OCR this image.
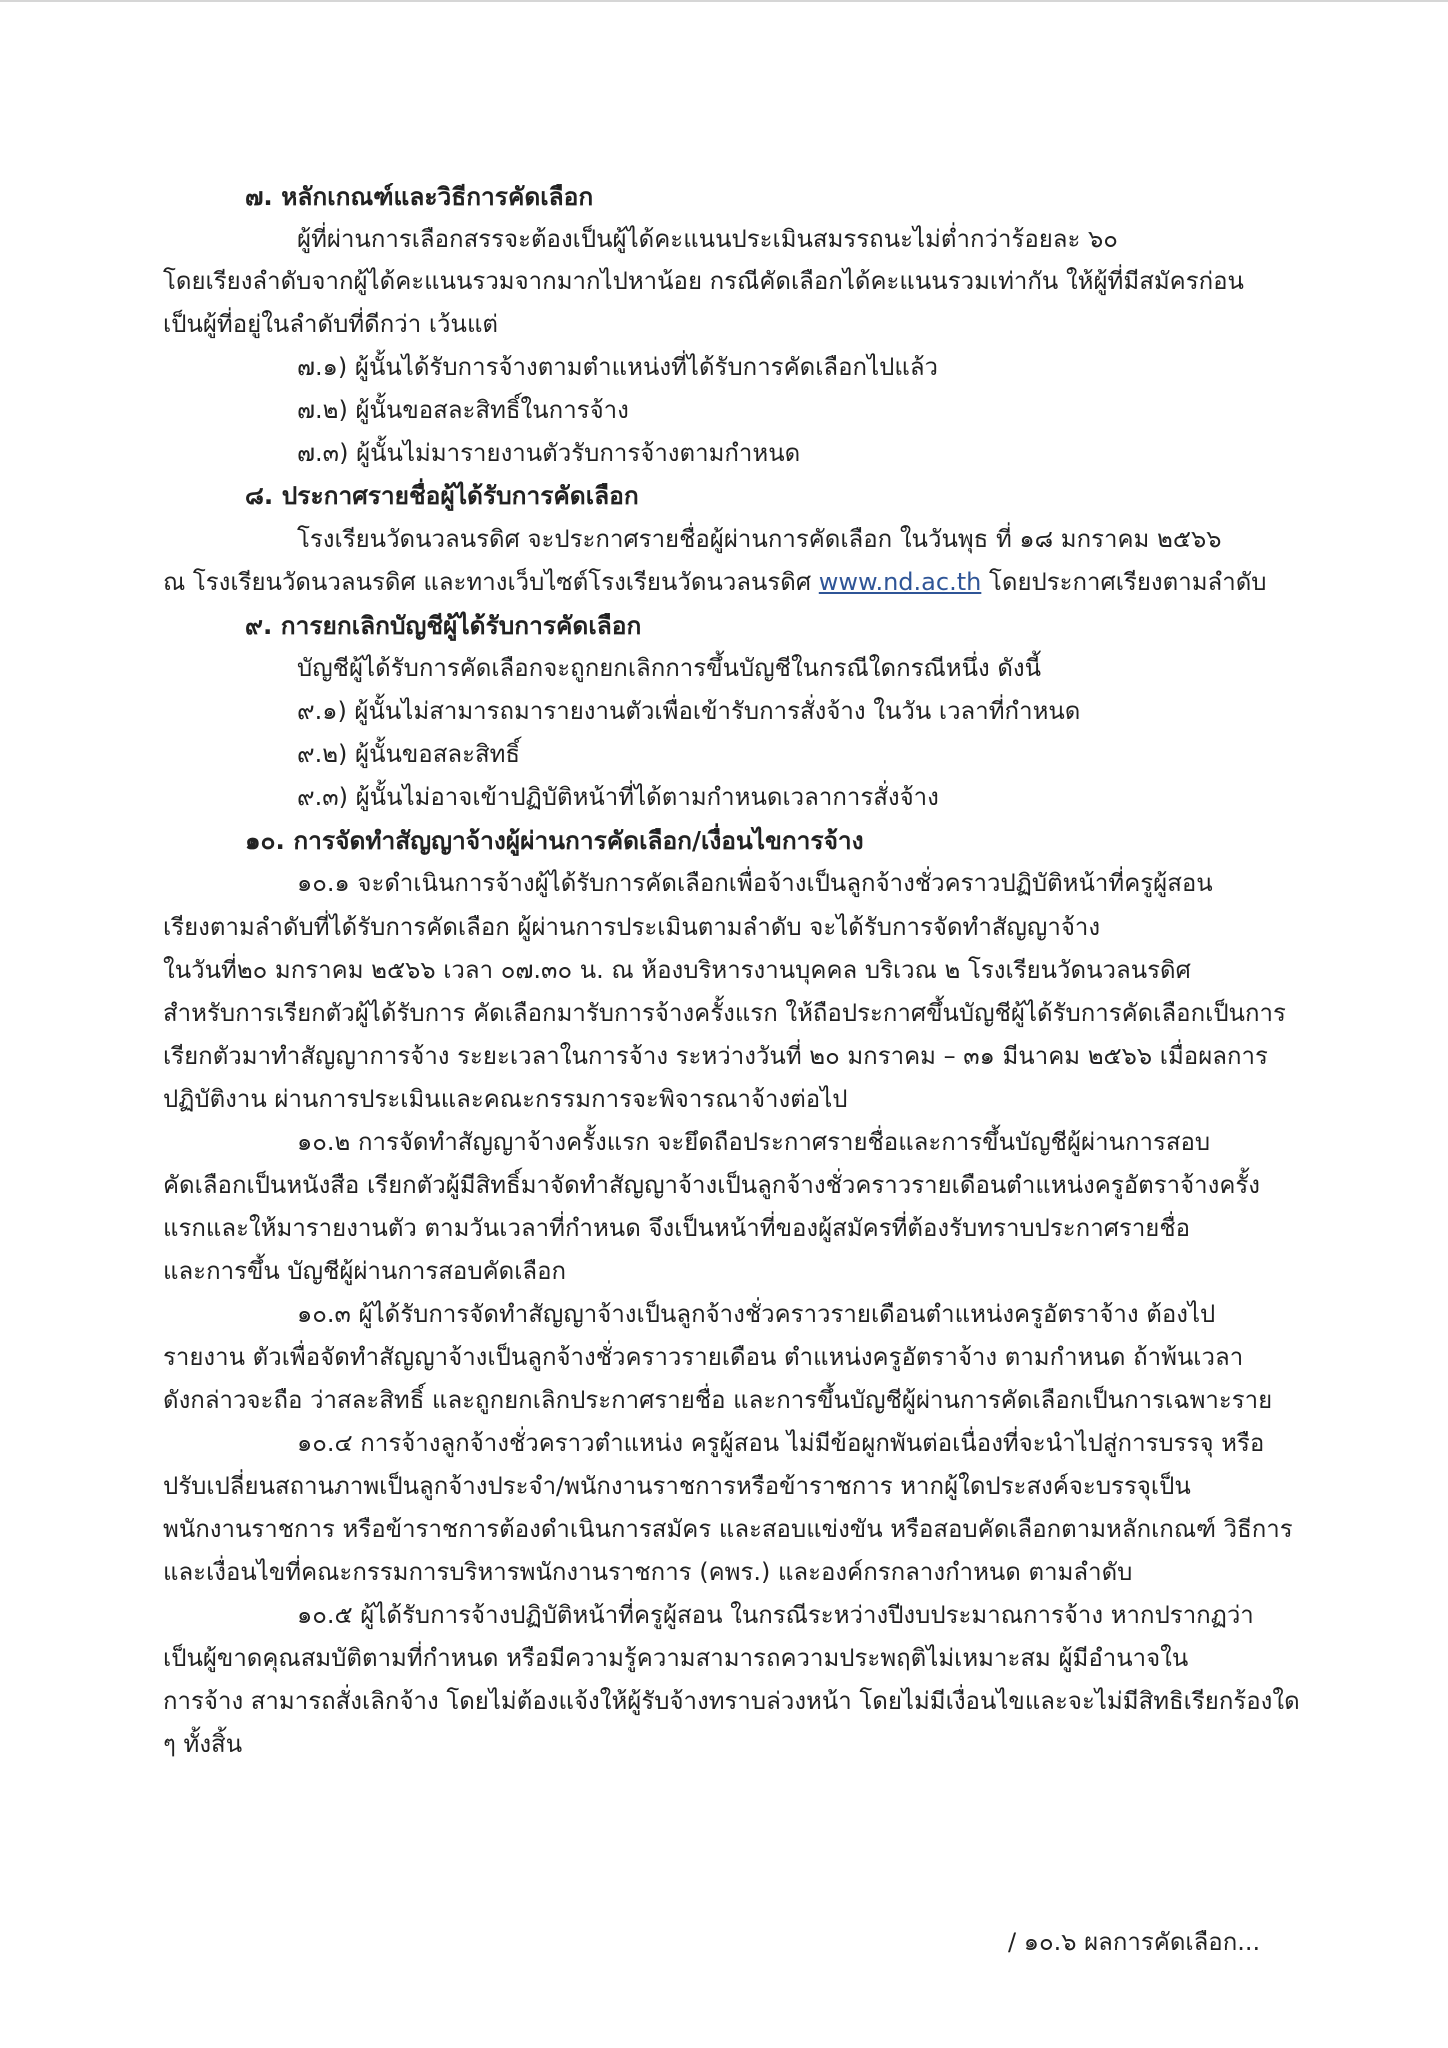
๗. หลักเกณฑ์และวิธีการคัดเลือก
ผู้ที่ผ่านการเลือกสรรจะต้องเป็นผู้ได้คะแนนประเมินสมรรถนะไม่ต่ำกว่าร้อยละ ๖๐
โดยเรียงลำดับจากผู้ได้คะแนนรวมจากมากไปหาน้อย กรณีคัดเลือกได้คะแนนรวมเท่ากัน ให้ผู้ที่มีสมัครก่อน
เป็นผู้ที่อยู่ในลำดับที่ดีกว่า เว้นแต่
๗.๑) ผู้นั้นได้รับการจ้างตามตำแหน่งที่ได้รับการคัดเลือกไปแล้ว
๗.๒) ผู้นั้นขอสละสิทธิ์ในการจ้าง
๗.๓) ผู้นั้นไม่มารายงานตัวรับการจ้างตามกำหนด
๘. ประกาศรายชื่อผู้ได้รับการคัดเลือก
โรงเรียนวัดนวลนรดิศ จะประกาศรายชื่อผู้ผ่านการคัดเลือก ในวันพุธ ที่ ๑๘ มกราคม ๒๕๖๖
ณ โรงเรียนวัดนวลนรดิศ และทางเว็บไซต์โรงเรียนวัดนวลนรดิศ www.nd.ac.th โดยประกาศเรียงตามลำดับ
๙. การยกเลิกบัญชีผู้ได้รับการคัดเลือก
บัญชีผู้ได้รับการคัดเลือกจะถูกยกเลิกการขึ้นบัญชีในกรณีใดกรณีหนึ่ง ดังนี้
๙.๑) ผู้นั้นไม่สามารถมารายงานตัวเพื่อเข้ารับการสั่งจ้าง ในวัน เวลาที่กำหนด
๙.๒) ผู้นั้นขอสละสิทธิ์
๙.๓) ผู้นั้นไม่อาจเข้าปฏิบัติหน้าที่ได้ตามกำหนดเวลาการสั่งจ้าง
๑๐. การจัดทำสัญญาจ้างผู้ผ่านการคัดเลือก/เงื่อนไขการจ้าง
๑๐.๑ จะดำเนินการจ้างผู้ได้รับการคัดเลือกเพื่อจ้างเป็นลูกจ้างชั่วคราวปฏิบัติหน้าที่ครูผู้สอน
เรียงตามลำดับที่ได้รับการคัดเลือก ผู้ผ่านการประเมินตามลำดับ จะได้รับการจัดทำสัญญาจ้าง
ในวันที่๒๐ มกราคม ๒๕๖๖ เวลา ๐๗.๓๐ น. ณ ห้องบริหารงานบุคคล บริเวณ ๒ โรงเรียนวัดนวลนรดิศ
สำหรับการเรียกตัวผู้ได้รับการ คัดเลือกมารับการจ้างครั้งแรก ให้ถือประกาศขึ้นบัญชีผู้ได้รับการคัดเลือกเป็นการ
เรียกตัวมาทำสัญญาการจ้าง ระยะเวลาในการจ้าง ระหว่างวันที่ ๒๐ มกราคม – ๓๑ มีนาคม ๒๕๖๖ เมื่อผลการ
ปฏิบัติงาน ผ่านการประเมินและคณะกรรมการจะพิจารณาจ้างต่อไป
๑๐.๒ การจัดทำสัญญาจ้างครั้งแรก จะยึดถือประกาศรายชื่อและการขึ้นบัญชีผู้ผ่านการสอบ
คัดเลือกเป็นหนังสือ เรียกตัวผู้มีสิทธิ์มาจัดทำสัญญาจ้างเป็นลูกจ้างชั่วคราวรายเดือนตำแหน่งครูอัตราจ้างครั้ง
แรกและให้มารายงานตัว ตามวันเวลาที่กำหนด จึงเป็นหน้าที่ของผู้สมัครที่ต้องรับทราบประกาศรายชื่อ
และการขึ้น บัญชีผู้ผ่านการสอบคัดเลือก
๑๐.๓ ผู้ได้รับการจัดทำสัญญาจ้างเป็นลูกจ้างชั่วคราวรายเดือนตำแหน่งครูอัตราจ้าง ต้องไป
รายงาน ตัวเพื่อจัดทำสัญญาจ้างเป็นลูกจ้างชั่วคราวรายเดือน ตำแหน่งครูอัตราจ้าง ตามกำหนด ถ้าพ้นเวลา
ดังกล่าวจะถือ ว่าสละสิทธิ์ และถูกยกเลิกประกาศรายชื่อ และการขึ้นบัญชีผู้ผ่านการคัดเลือกเป็นการเฉพาะราย
๑๐.๔ การจ้างลูกจ้างชั่วคราวตำแหน่ง ครูผู้สอน ไม่มีข้อผูกพันต่อเนื่องที่จะนำไปสู่การบรรจุ หรือ
ปรับเปลี่ยนสถานภาพเป็นลูกจ้างประจำ/พนักงานราชการหรือข้าราชการ หากผู้ใดประสงค์จะบรรจุเป็น
พนักงานราชการ หรือข้าราชการต้องดำเนินการสมัคร และสอบแข่งขัน หรือสอบคัดเลือกตามหลักเกณฑ์ วิธีการ
และเงื่อนไขที่คณะกรรมการบริหารพนักงานราชการ (คพร.) และองค์กรกลางกำหนด ตามลำดับ
๑๐.๕ ผู้ได้รับการจ้างปฏิบัติหน้าที่ครูผู้สอน ในกรณีระหว่างปีงบประมาณการจ้าง หากปรากฏว่า
เป็นผู้ขาดคุณสมบัติตามที่กำหนด หรือมีความรู้ความสามารถความประพฤติไม่เหมาะสม ผู้มีอำนาจใน
การจ้าง สามารถสั่งเลิกจ้าง โดยไม่ต้องแจ้งให้ผู้รับจ้างทราบล่วงหน้า โดยไม่มีเงื่อนไขและจะไม่มีสิทธิเรียกร้องใด
ๆ ทั้งสิ้น
/ ๑๐.๖ ผลการคัดเลือก...
